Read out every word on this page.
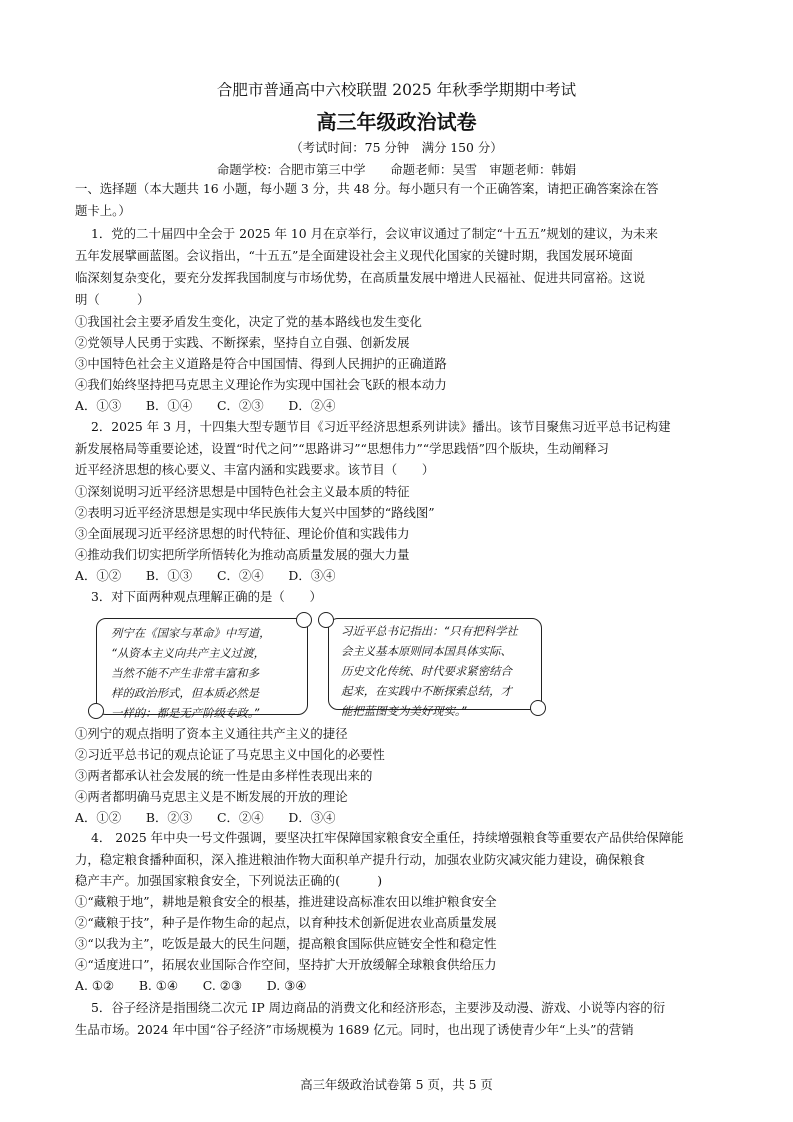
合肥市普通高中六校联盟 2025 年秋季学期期中考试
高三年级政治试卷
（考试时间：75 分钟　满分 150 分）
命题学校：合肥市第三中学　　命题老师：吴雪　审题老师：韩娟
一、选择题（本大题共 16 小题，每小题 3 分，共 48 分。每小题只有一个正确答案，请把正确答案涂在答
题卡上。）
1．党的二十届四中全会于 2025 年 10 月在京举行，会议审议通过了制定“十五五”规划的建议，为未来
五年发展擘画蓝图。会议指出，“十五五”是全面建设社会主义现代化国家的关键时期，我国发展环境面
临深刻复杂变化，要充分发挥我国制度与市场优势，在高质量发展中增进人民福祉、促进共同富裕。这说
明（　　　）
①我国社会主要矛盾发生变化，决定了党的基本路线也发生变化
②党领导人民勇于实践、不断探索，坚持自立自强、创新发展
③中国特色社会主义道路是符合中国国情、得到人民拥护的正确道路
④我们始终坚持把马克思主义理论作为实现中国社会飞跃的根本动力
A．①③　　B．①④　　C．②③　　D．②④
2．2025 年 3 月，十四集大型专题节目《习近平经济思想系列讲读》播出。该节目聚焦习近平总书记构建
新发展格局等重要论述，设置“时代之问”“思路讲习”“思想伟力”“学思践悟”四个版块，生动阐释习
近平经济思想的核心要义、丰富内涵和实践要求。该节目（　　）
①深刻说明习近平经济思想是中国特色社会主义最本质的特征
②表明习近平经济思想是实现中华民族伟大复兴中国梦的“路线图”
③全面展现习近平经济思想的时代特征、理论价值和实践伟力
④推动我们切实把所学所悟转化为推动高质量发展的强大力量
A．①②　　B．①③　　C．②④　　D．③④
3．对下面两种观点理解正确的是（　　）
列宁在《国家与革命》中写道，
“从资本主义向共产主义过渡，
当然不能不产生非常丰富和多
样的政治形式，但本质必然是
一样的：都是无产阶级专政。”
习近平总书记指出：“只有把科学社
会主义基本原则同本国具体实际、
历史文化传统、时代要求紧密结合
起来，在实践中不断探索总结，才
能把蓝图变为美好现实。”
①列宁的观点指明了资本主义通往共产主义的捷径
②习近平总书记的观点论证了马克思主义中国化的必要性
③两者都承认社会发展的统一性是由多样性表现出来的
④两者都明确马克思主义是不断发展的开放的理论
A．①②　　B．②③　　C．②④　　D．③④
4． 2025 年中央一号文件强调，要坚决扛牢保障国家粮食安全重任，持续增强粮食等重要农产品供给保障能
力，稳定粮食播种面积，深入推进粮油作物大面积单产提升行动，加强农业防灾减灾能力建设，确保粮食
稳产丰产。加强国家粮食安全，下列说法正确的(　　　)
①“藏粮于地”，耕地是粮食安全的根基，推进建设高标准农田以维护粮食安全
②“藏粮于技”，种子是作物生命的起点，以育种技术创新促进农业高质量发展
③“以我为主”，吃饭是最大的民生问题，提高粮食国际供应链安全性和稳定性
④“适度进口”，拓展农业国际合作空间，坚持扩大开放缓解全球粮食供给压力
A. ①②　　B. ①④　　C. ②③　　D. ③④
5．谷子经济是指围绕二次元 IP 周边商品的消费文化和经济形态，主要涉及动漫、游戏、小说等内容的衍
生品市场。2024 年中国“谷子经济”市场规模为 1689 亿元。同时，也出现了诱使青少年“上头”的营销
高三年级政治试卷第 5 页，共 5 页
